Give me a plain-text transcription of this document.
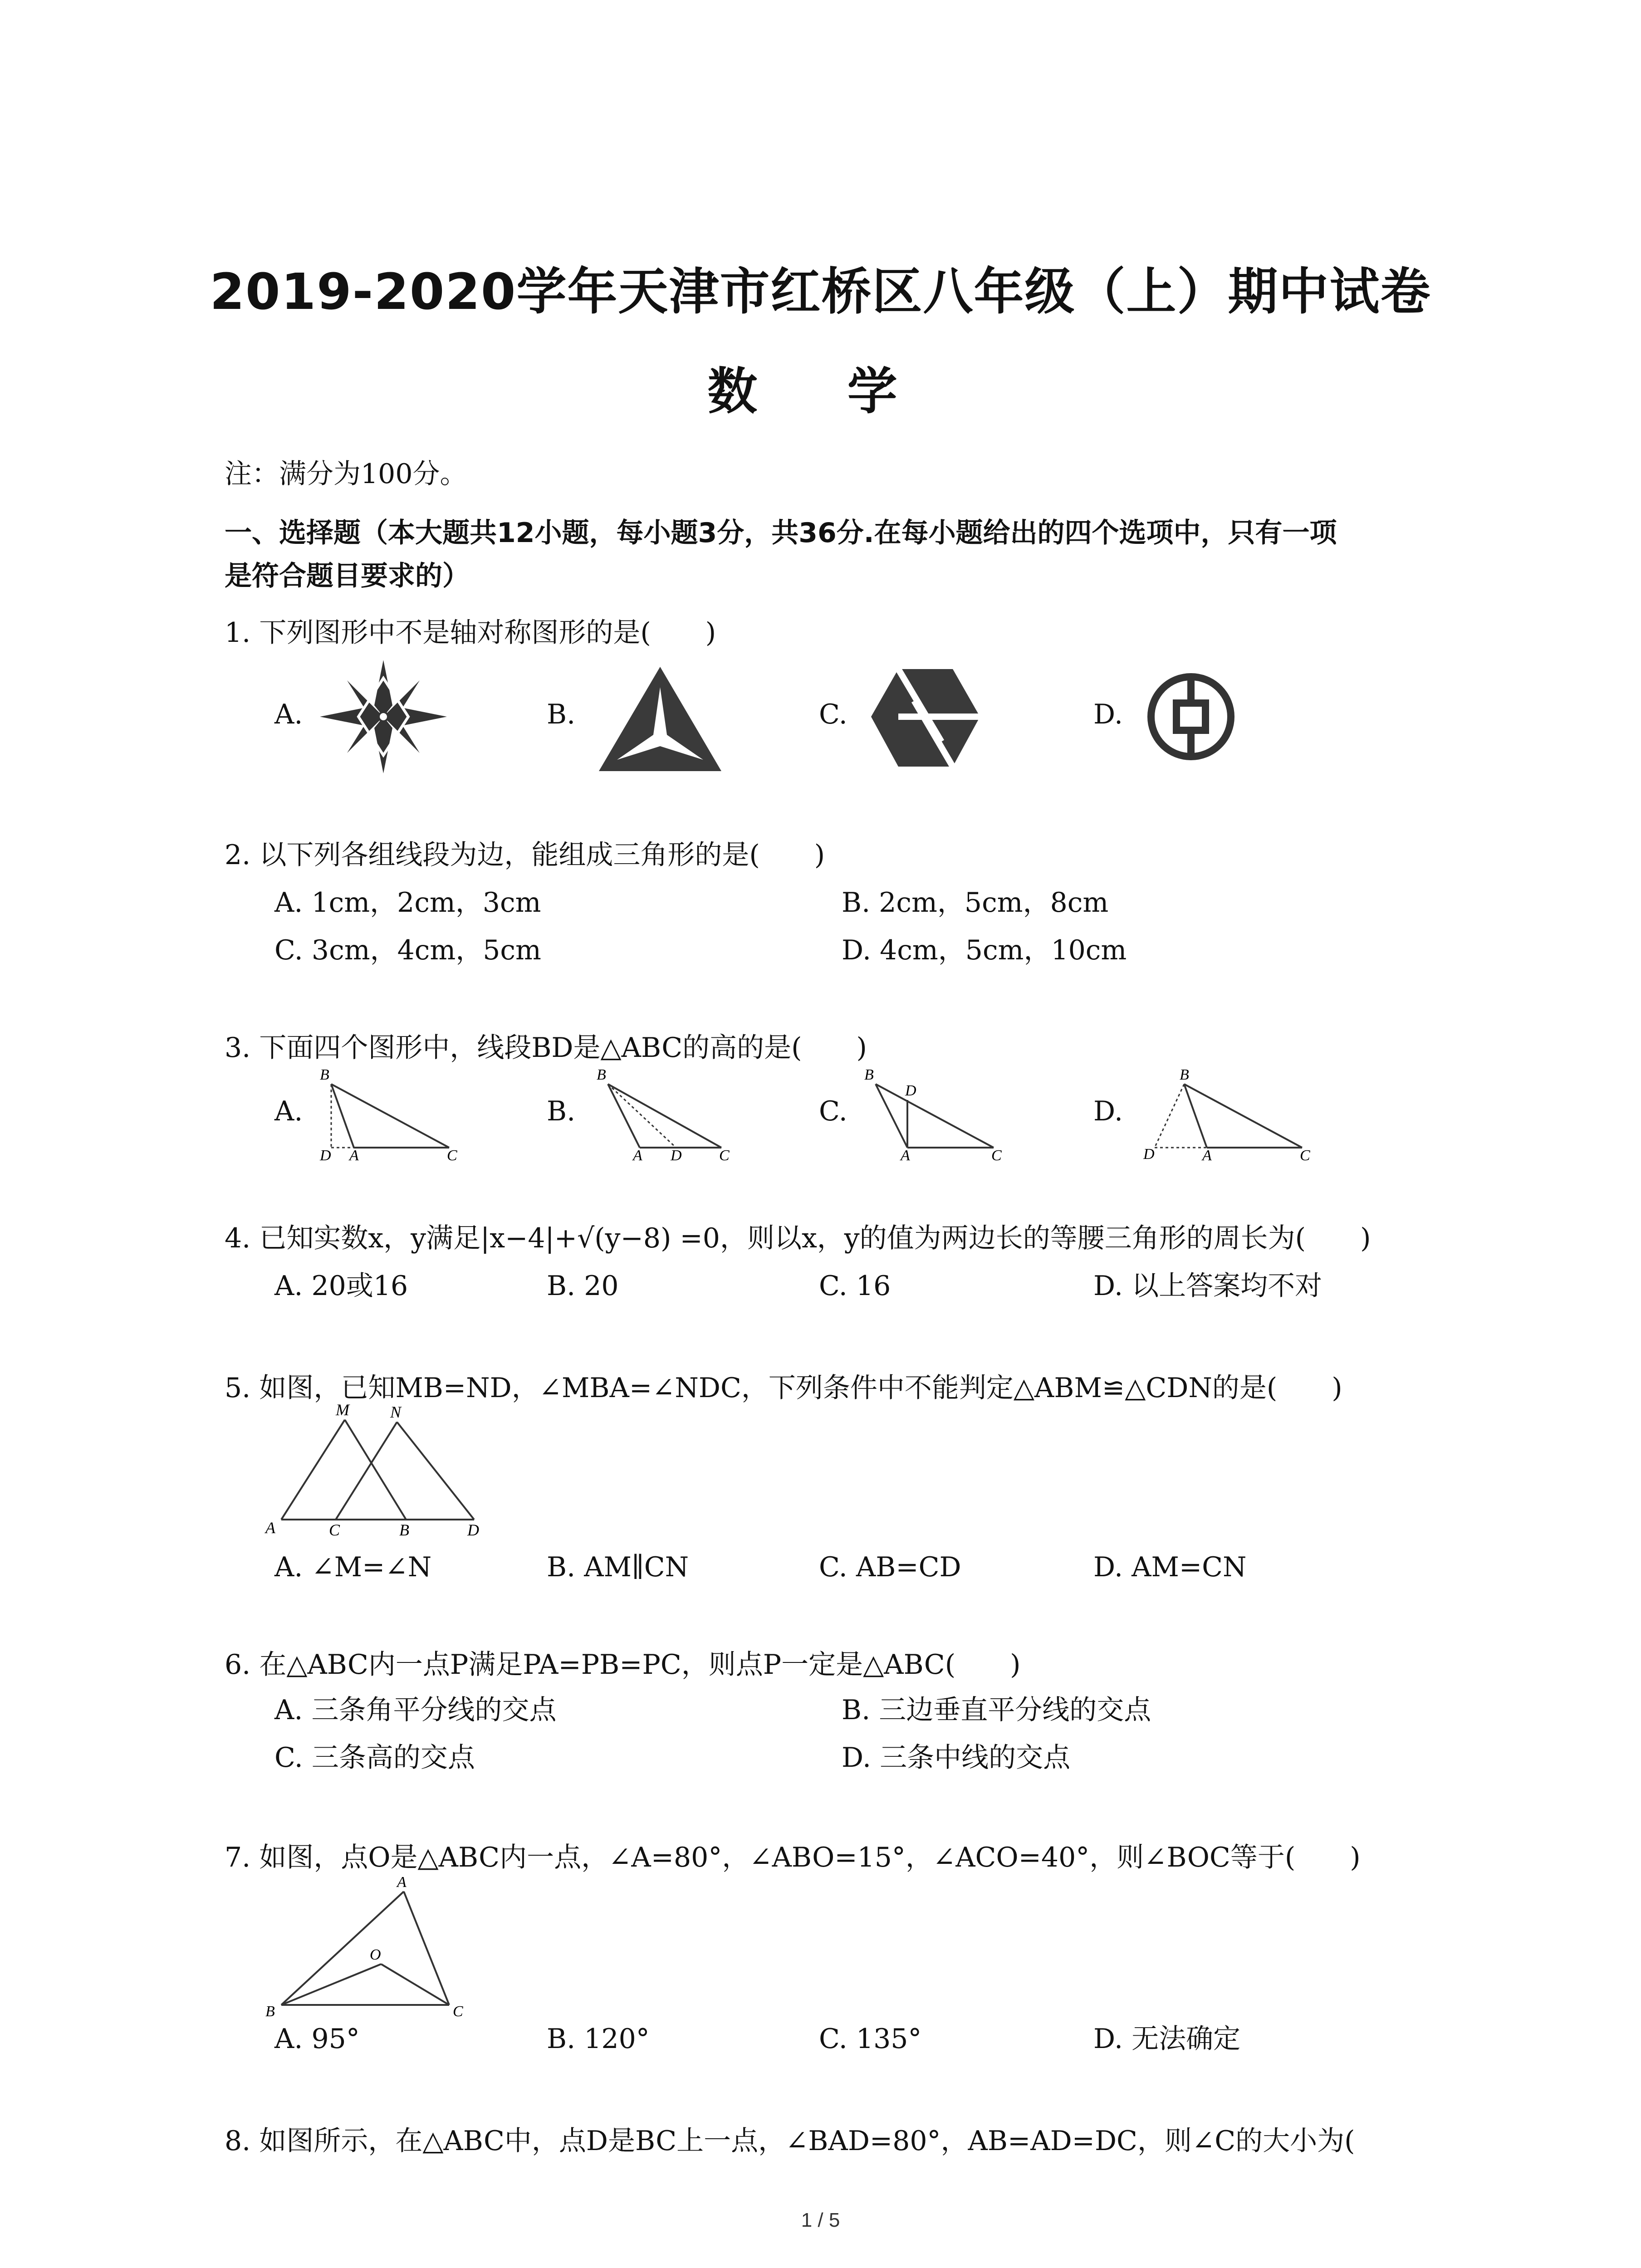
2019-2020学年天津市红桥区八年级（上）期中试卷
数 学
注：满分为100分。
一、选择题（本大题共12小题，每小题3分，共36分.在每小题给出的四个选项中，只有一项
是符合题目要求的）
1. 下列图形中不是轴对称图形的是(　　)
A.	B.	C.	D.
2. 以下列各组线段为边，能组成三角形的是(　　)
A. 1cm，2cm，3cm	B. 2cm，5cm，8cm
C. 3cm，4cm，5cm	D. 4cm，5cm，10cm
3. 下面四个图形中，线段BD是△ABC的高的是(　　)
A.	B.	C.	D.
B
D A	C
B
A D C
B
D
A	C
B
D	A	C
4. 已知实数x，y满足|x−4|+√(y−8) =0，则以x，y的值为两边长的等腰三角形的周长为(　　)
A. 20或16	B. 20	C. 16	D. 以上答案均不对
5. 如图，已知MB=ND，∠MBA=∠NDC，下列条件中不能判定△ABM≌△CDN的是(　　)
M	N
A	C	B	D
A. ∠M=∠N	B. AM∥CN	C. AB=CD	D. AM=CN
6. 在△ABC内一点P满足PA=PB=PC，则点P一定是△ABC(　　)
A. 三条角平分线的交点	B. 三边垂直平分线的交点
C. 三条高的交点	D. 三条中线的交点
7. 如图，点O是△ABC内一点，∠A=80°，∠ABO=15°，∠ACO=40°，则∠BOC等于(　　)
A
O
B	C
A. 95°	B. 120°	C. 135°	D. 无法确定
8. 如图所示，在△ABC中，点D是BC上一点，∠BAD=80°，AB=AD=DC，则∠C的大小为(
1 / 5
